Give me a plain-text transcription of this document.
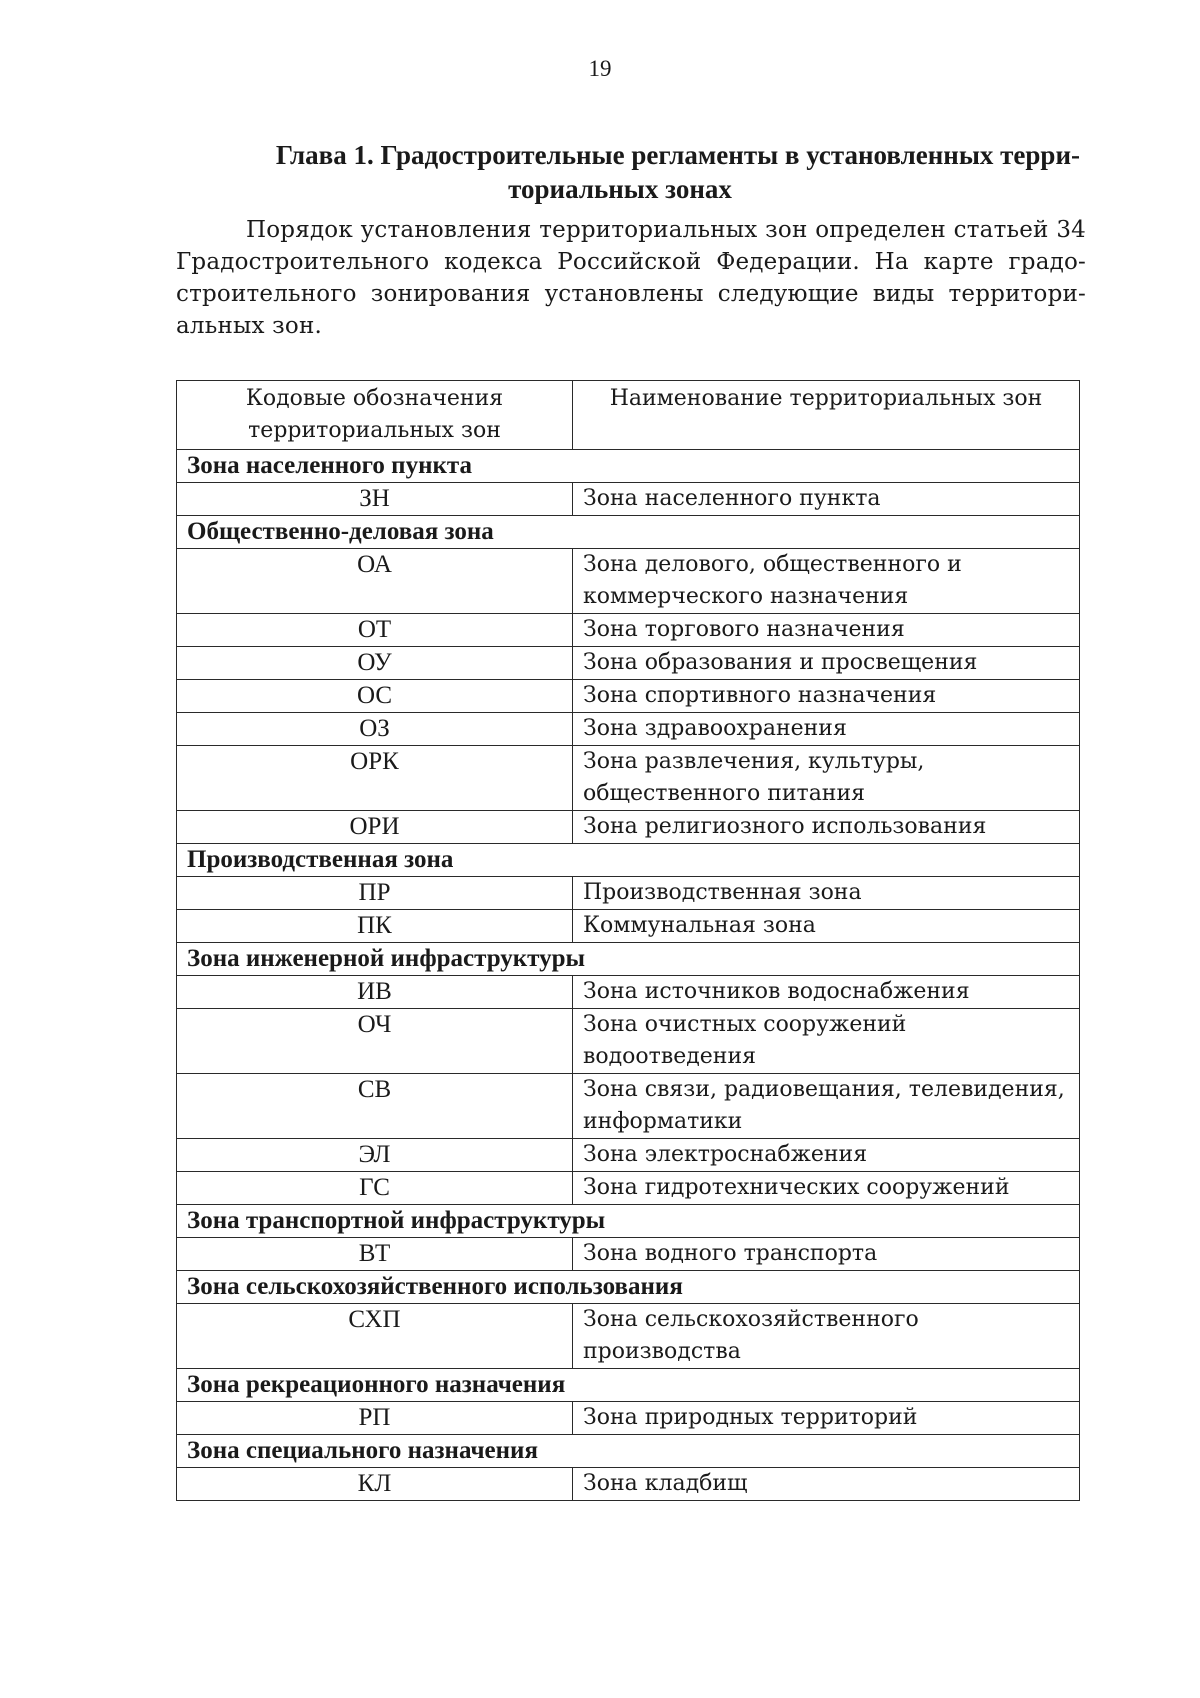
19
Глава 1. Градостроительные регламенты в установленных терри-
ториальных зонах
Порядок установления территориальных зон определен статьей 34
Градостроительного кодекса Российской Федерации. На карте градо-
строительного зонирования установлены следующие виды территори-
альных зон.
Кодовые обозначения территориальных зон	Наименование территориальных зон
Зона населенного пункта	
ЗН	Зона населенного пункта
Общественно-деловая зона	
ОА	Зона делового, общественного и коммерческого назначения
ОТ	Зона торгового назначения
ОУ	Зона образования и просвещения
ОС	Зона спортивного назначения
ОЗ	Зона здравоохранения
ОРК	Зона развлечения, культуры, общественного питания
ОРИ	Зона религиозного использования
Производственная зона	
ПР	Производственная зона
ПК	Коммунальная зона
Зона инженерной инфраструктуры	
ИВ	Зона источников водоснабжения
ОЧ	Зона очистных сооружений водоотведения
СВ	Зона связи, радиовещания, телевидения, информатики
ЭЛ	Зона электроснабжения
ГС	Зона гидротехнических сооружений
Зона транспортной инфраструктуры	
ВТ	Зона водного транспорта
Зона сельскохозяйственного использования	
СХП	Зона сельскохозяйственного производства
Зона рекреационного назначения	
РП	Зона природных территорий
Зона специального назначения	
КЛ	Зона кладбищ
